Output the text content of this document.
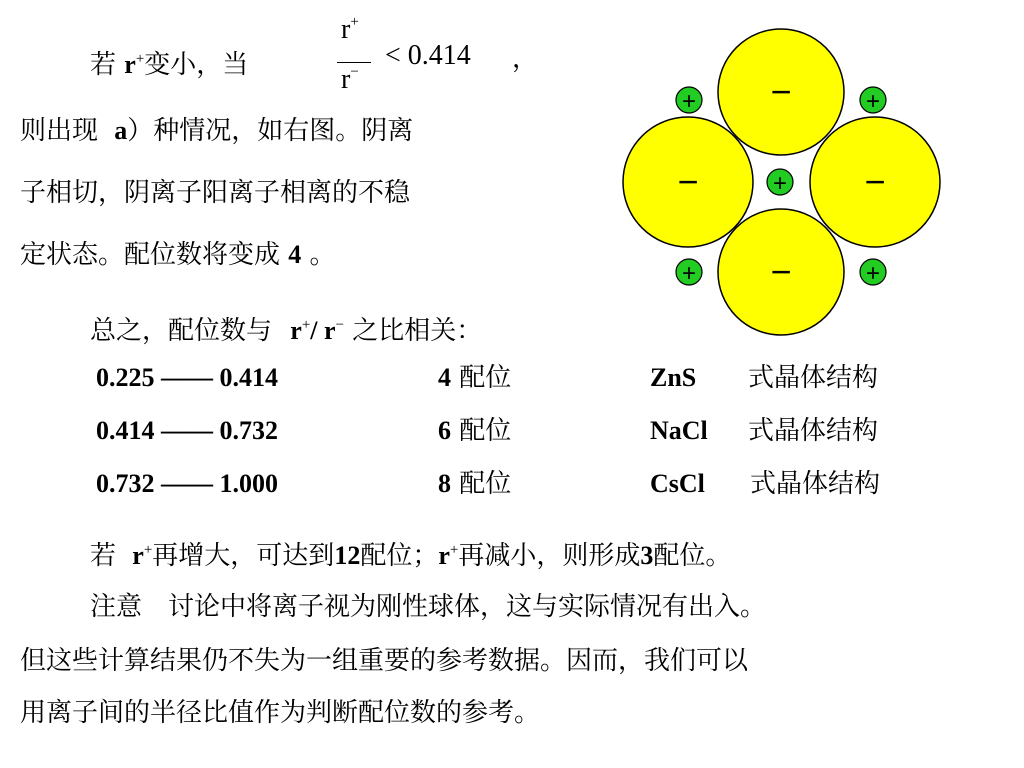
若 r+变小，当
r+
r−
< 0.414 ，
则出现 a）种情况，如右图。阴离
子相切，阴离子阳离子相离的不稳
定状态。配位数将变成 4 。
总之，配位数与 r+/ r− 之比相关：
0.225 —— 0.414	4 配位	ZnS 式晶体结构
0.414 —— 0.732	6 配位	NaCl 式晶体结构
0.732 —— 1.000	8 配位	CsCl 式晶体结构
若 r+再增大，可达到12配位；r+再减小，则形成3配位。
注意　讨论中将离子视为刚性球体，这与实际情况有出入。
但这些计算结果仍不失为一组重要的参考数据。因而，我们可以
用离子间的半径比值作为判断配位数的参考。
−
−	−
−
+
+	+
+	+
